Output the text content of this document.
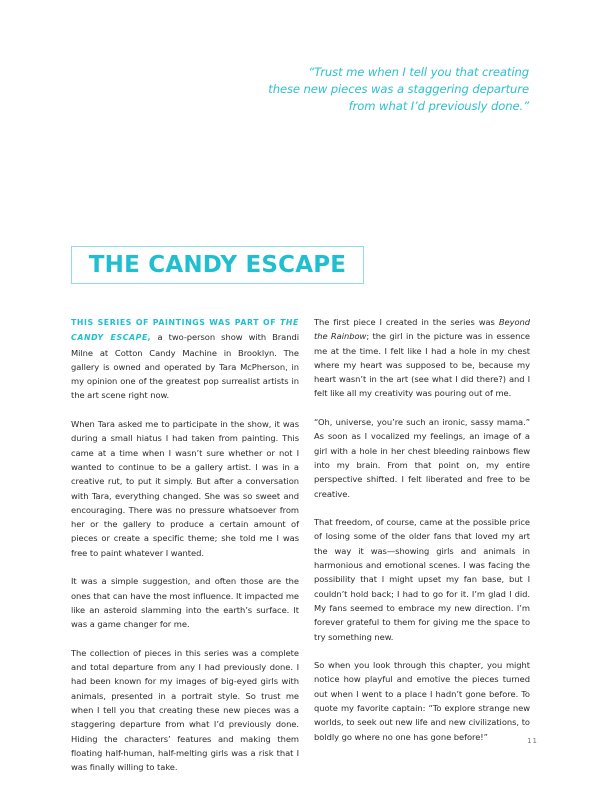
“Trust me when I tell you that creating
these new pieces was a staggering departure
from what I’d previously done.”
THE CANDY ESCAPE

THIS SERIES OF PAINTINGS WAS PART OF THE CANDY ESCAPE, a two-person show with Brandi Milne at Cotton Candy Machine in Brooklyn. The gallery is owned and operated by Tara McPherson, in my opinion one of the greatest pop surrealist artists in the art scene right now.

When Tara asked me to participate in the show, it was during a small hiatus I had taken from painting. This came at a time when I wasn’t sure whether or not I wanted to continue to be a gallery artist. I was in a creative rut, to put it simply. But after a conversation with Tara, everything changed. She was so sweet and encouraging. There was no pressure whatsoever from her or the gallery to produce a certain amount of pieces or create a specific theme; she told me I was free to paint whatever I wanted.

It was a simple suggestion, and often those are the ones that can have the most influence. It impacted me like an asteroid slamming into the earth’s surface. It was a game changer for me.

The collection of pieces in this series was a complete and total departure from any I had previously done. I had been known for my images of big-eyed girls with animals, presented in a portrait style. So trust me when I tell you that creating these new pieces was a staggering departure from what I’d previously done. Hiding the characters’ features and making them floating half-human, half-melting girls was a risk that I was finally willing to take.

The first piece I created in the series was Beyond the Rainbow; the girl in the picture was in essence me at the time. I felt like I had a hole in my chest where my heart was supposed to be, because my heart wasn’t in the art (see what I did there?) and I felt like all my creativity was pouring out of me.

“Oh, universe, you’re such an ironic, sassy mama.” As soon as I vocalized my feelings, an image of a girl with a hole in her chest bleeding rainbows flew into my brain. From that point on, my entire perspective shifted. I felt liberated and free to be creative.

That freedom, of course, came at the possible price of losing some of the older fans that loved my art the way it was—showing girls and animals in harmonious and emotional scenes. I was facing the possibility that I might upset my fan base, but I couldn’t hold back; I had to go for it. I’m glad I did. My fans seemed to embrace my new direction. I’m forever grateful to them for giving me the space to try something new.

So when you look through this chapter, you might notice how playful and emotive the pieces turned out when I went to a place I hadn’t gone before. To quote my favorite captain: “To explore strange new worlds, to seek out new life and new civilizations, to boldly go where no one has gone before!”	11
